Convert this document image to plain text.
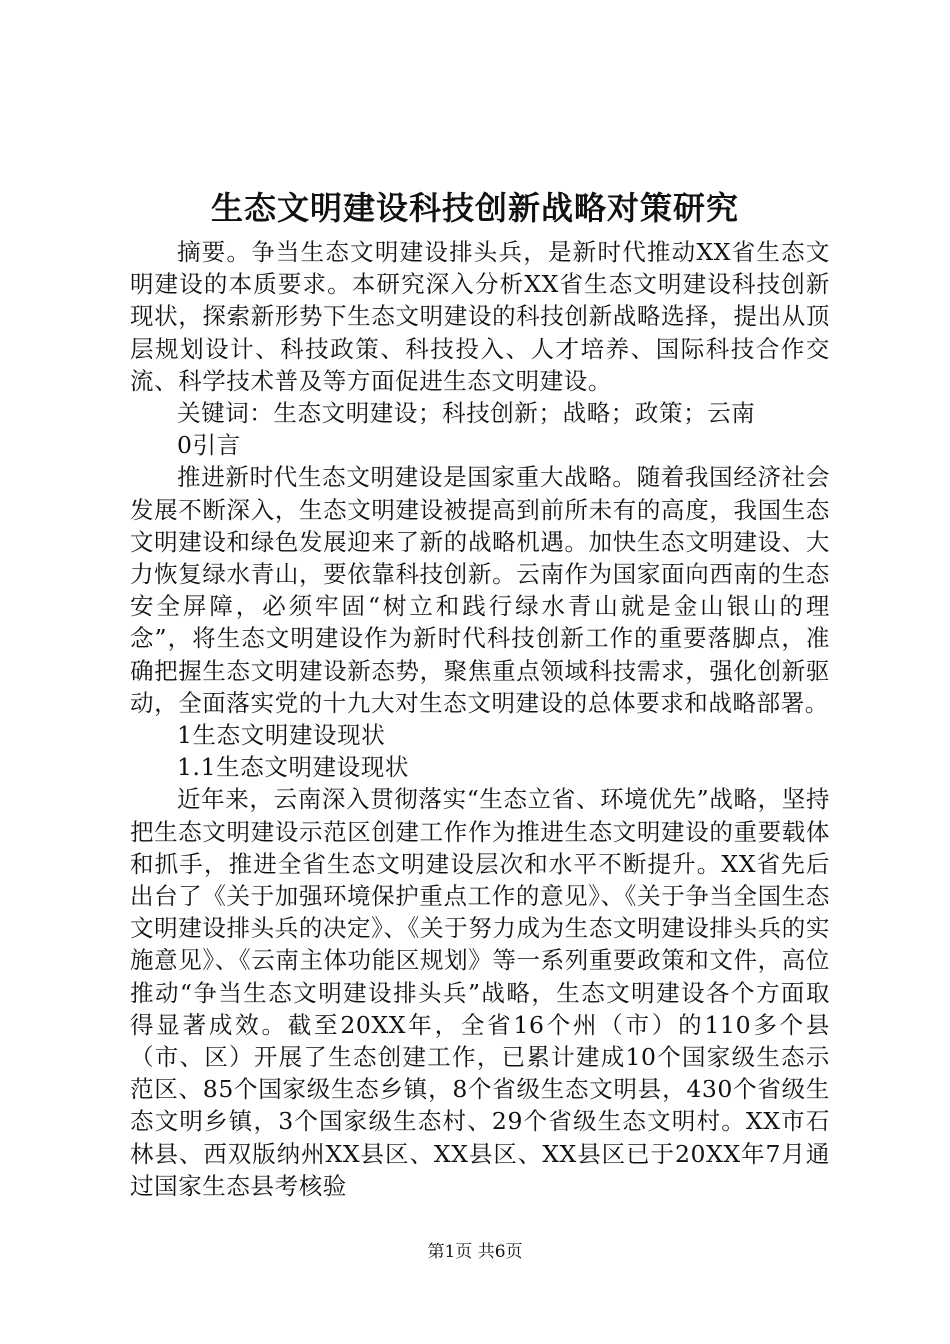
生态文明建设科技创新战略对策研究

摘要。争当生态文明建设排头兵，是新时代推动XX省生态文明建设的本质要求。本研究深入分析XX省生态文明建设科技创新现状，探索新形势下生态文明建设的科技创新战略选择，提出从顶层规划设计、科技政策、科技投入、人才培养、国际科技合作交流、科学技术普及等方面促进生态文明建设。

关键词：生态文明建设；科技创新；战略；政策；云南

0引言

推进新时代生态文明建设是国家重大战略。随着我国经济社会发展不断深入，生态文明建设被提高到前所未有的高度，我国生态文明建设和绿色发展迎来了新的战略机遇。加快生态文明建设、大力恢复绿水青山，要依靠科技创新。云南作为国家面向西南的生态安全屏障，必须牢固“树立和践行绿水青山就是金山银山的理念”，将生态文明建设作为新时代科技创新工作的重要落脚点，准确把握生态文明建设新态势，聚焦重点领域科技需求，强化创新驱动，全面落实党的十九大对生态文明建设的总体要求和战略部署。

1生态文明建设现状

1.1生态文明建设现状

近年来，云南深入贯彻落实“生态立省、环境优先”战略，坚持把生态文明建设示范区创建工作作为推进生态文明建设的重要载体和抓手，推进全省生态文明建设层次和水平不断提升。XX省先后出台了《关于加强环境保护重点工作的意见》、《关于争当全国生态文明建设排头兵的决定》、《关于努力成为生态文明建设排头兵的实施意见》、《云南主体功能区规划》等一系列重要政策和文件，高位推动“争当生态文明建设排头兵”战略，生态文明建设各个方面取得显著成效。截至20XX年，全省16个州（市）的110多个县（市、区）开展了生态创建工作，已累计建成10个国家级生态示范区、85个国家级生态乡镇，8个省级生态文明县，430个省级生态文明乡镇，3个国家级生态村、29个省级生态文明村。XX市石林县、西双版纳州XX县区、XX县区、XX县区已于20XX年7月通过国家生态县考核验

第1页 共6页
